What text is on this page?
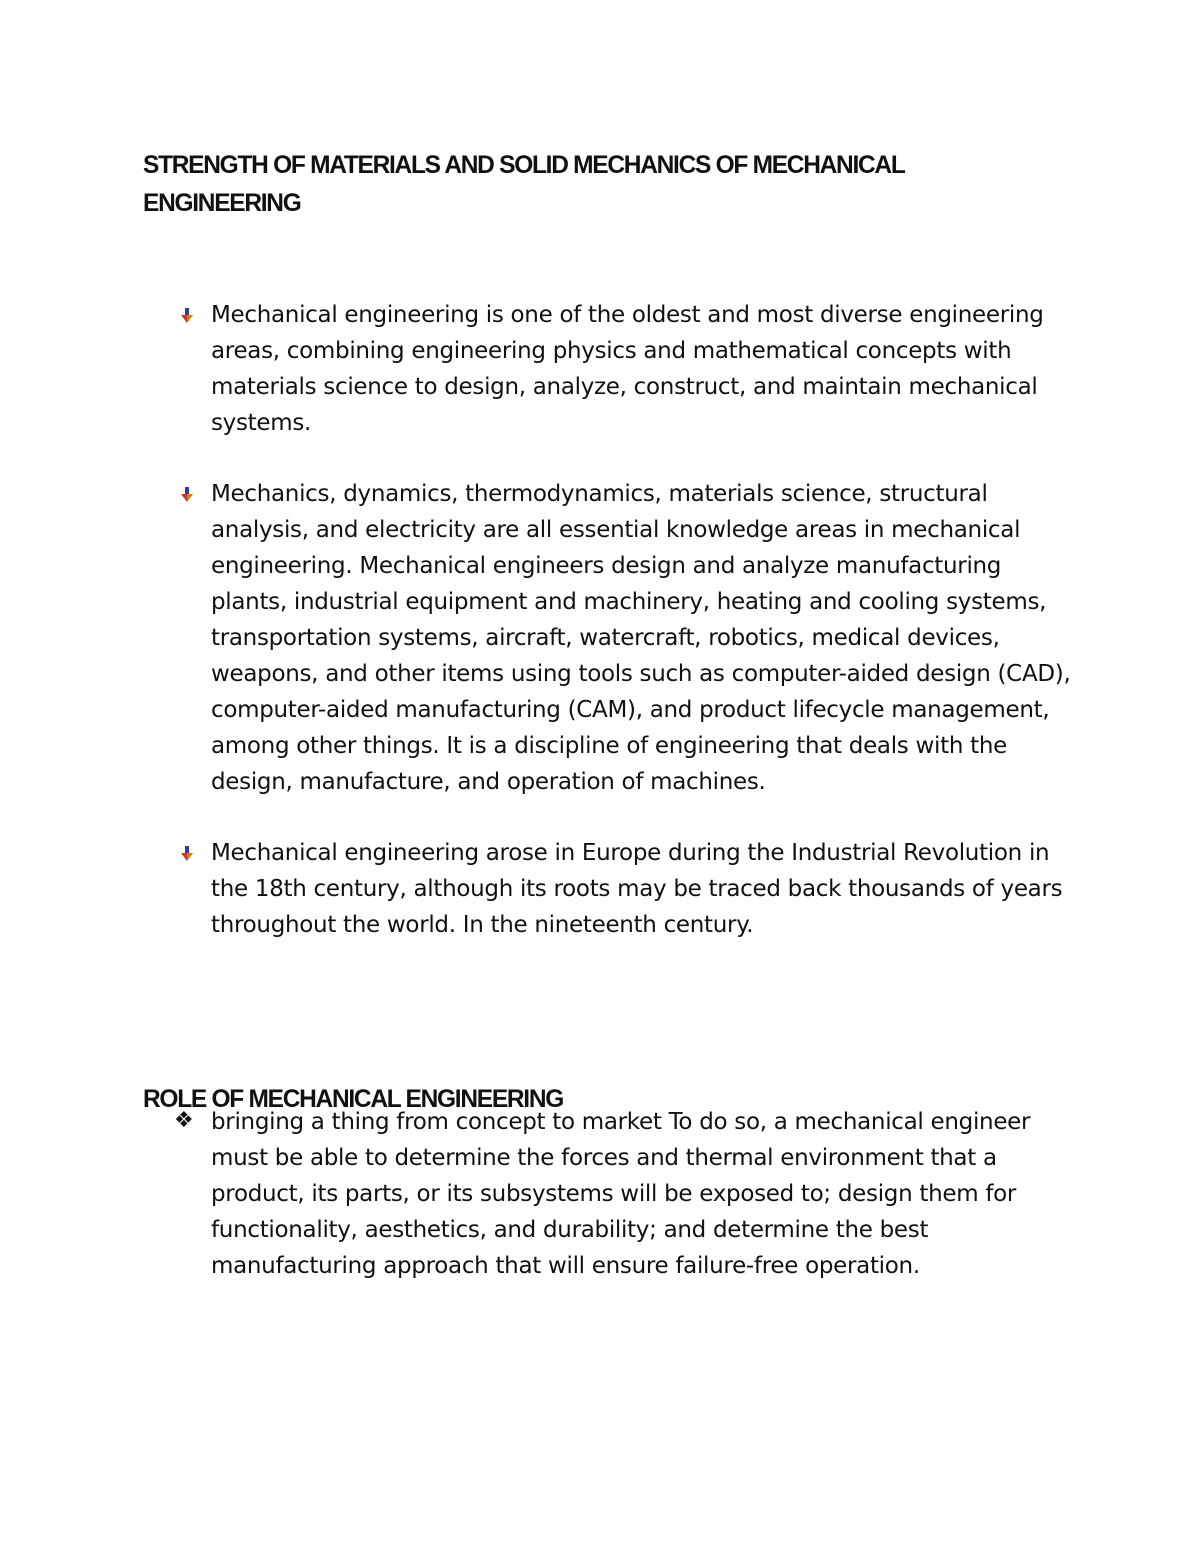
STRENGTH OF MATERIALS AND SOLID MECHANICS OF MECHANICAL ENGINEERING
Mechanical engineering is one of the oldest and most diverse engineering areas, combining engineering physics and mathematical concepts with materials science to design, analyze, construct, and maintain mechanical systems.
Mechanics, dynamics, thermodynamics, materials science, structural analysis, and electricity are all essential knowledge areas in mechanical engineering. Mechanical engineers design and analyze manufacturing plants, industrial equipment and machinery, heating and cooling systems, transportation systems, aircraft, watercraft, robotics, medical devices, weapons, and other items using tools such as computer-aided design (CAD), computer-aided manufacturing (CAM), and product lifecycle management, among other things. It is a discipline of engineering that deals with the design, manufacture, and operation of machines.
Mechanical engineering arose in Europe during the Industrial Revolution in the 18th century, although its roots may be traced back thousands of years throughout the world. In the nineteenth century.
ROLE OF MECHANICAL ENGINEERING
❖ bringing a thing from concept to market To do so, a mechanical engineer must be able to determine the forces and thermal environment that a product, its parts, or its subsystems will be exposed to; design them for functionality, aesthetics, and durability; and determine the best manufacturing approach that will ensure failure-free operation.
